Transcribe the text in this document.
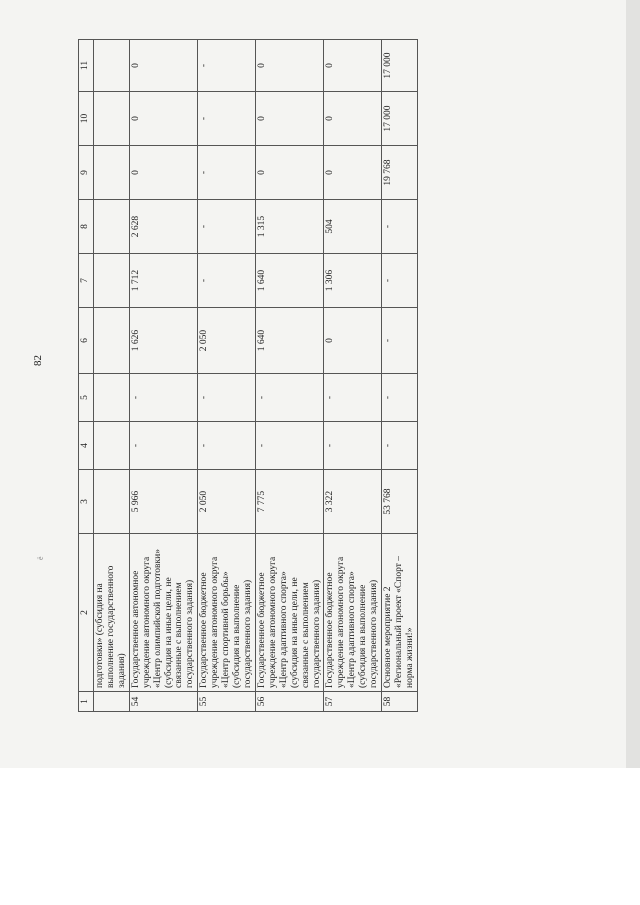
82
ё
1	2	3	4	5	6	7	8	9	10	11
	подготовки» (субсидия на выполнение государственного задания)									
54	Государственное автономное учреждение автономного округа «Центр олимпийской подготовки» (субсидия на иные цели, не связанные с выполнением государственного задания)	5 966	-	-	1 626	1 712	2 628	0	0	0
55	Государственное бюджетное учреждение автономного округа «Центр спортивной борьбы» (субсидия на выполнение государственного задания)	2 050	-	-	2 050	-	-	-	-	-
56	Государственное бюджетное учреждение автономного округа «Центр адаптивного спорта» (субсидия на иные цели, не связанные с выполнением государственного задания)	7 775	-	-	1 640	1 640	1 315	0	0	0
57	Государственное бюджетное учреждение автономного округа «Центр адаптивного спорта» (субсидия на выполнение государственного задания)	3 322	-	-	0	1 306	504	0	0	0
58	Основное мероприятие 2 «Региональный проект «Спорт – норма жизни!»	53 768	-	-	-	-	-	19 768	17 000	17 000
